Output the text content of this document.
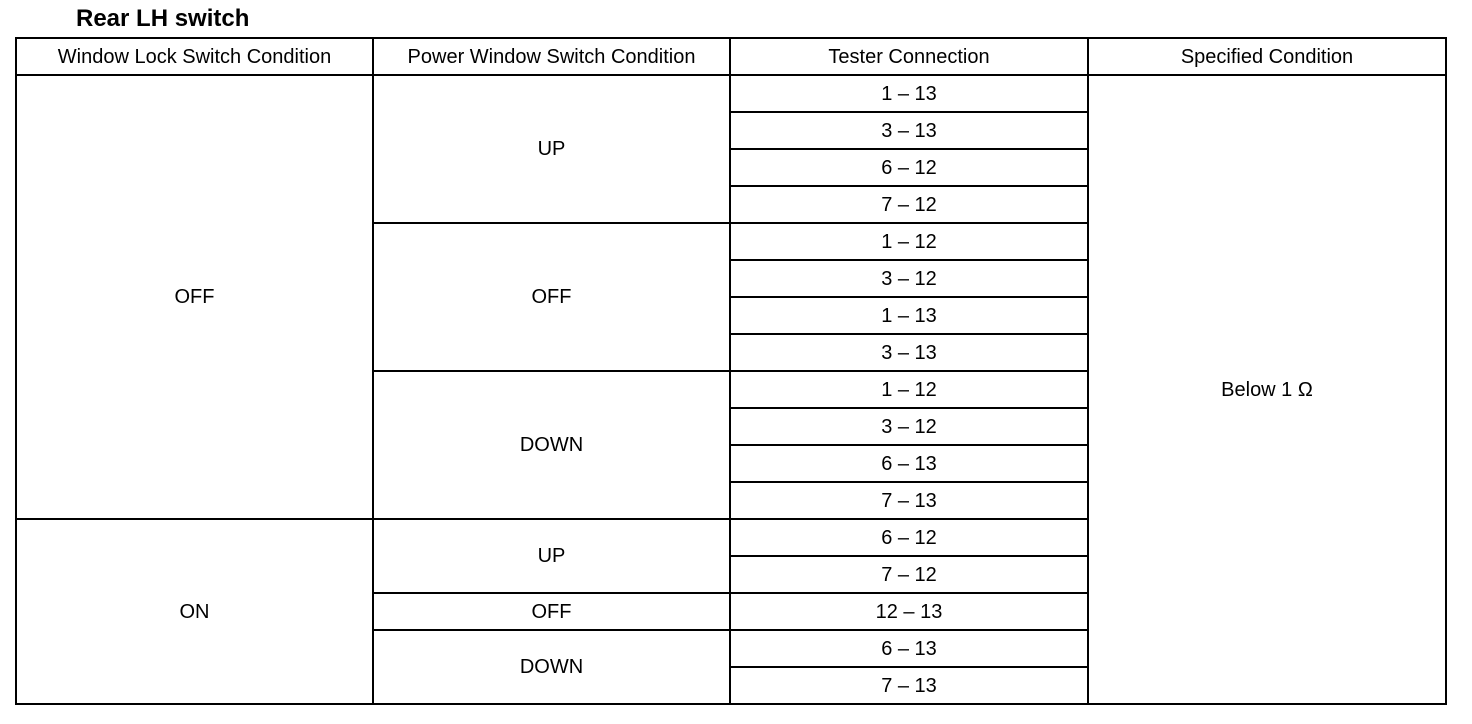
Rear LH switch
Window Lock Switch Condition	Power Window Switch Condition	Tester Connection	Specified Condition
OFF	UP	1 – 13	Below 1 Ω
		3 – 13	
		6 – 12	
		7 – 12	
	OFF	1 – 12	
		3 – 12	
		1 – 13	
		3 – 13	
	DOWN	1 – 12	
		3 – 12	
		6 – 13	
		7 – 13	
ON	UP	6 – 12	
		7 – 12	
	OFF	12 – 13	
	DOWN	6 – 13	
		7 – 13	
